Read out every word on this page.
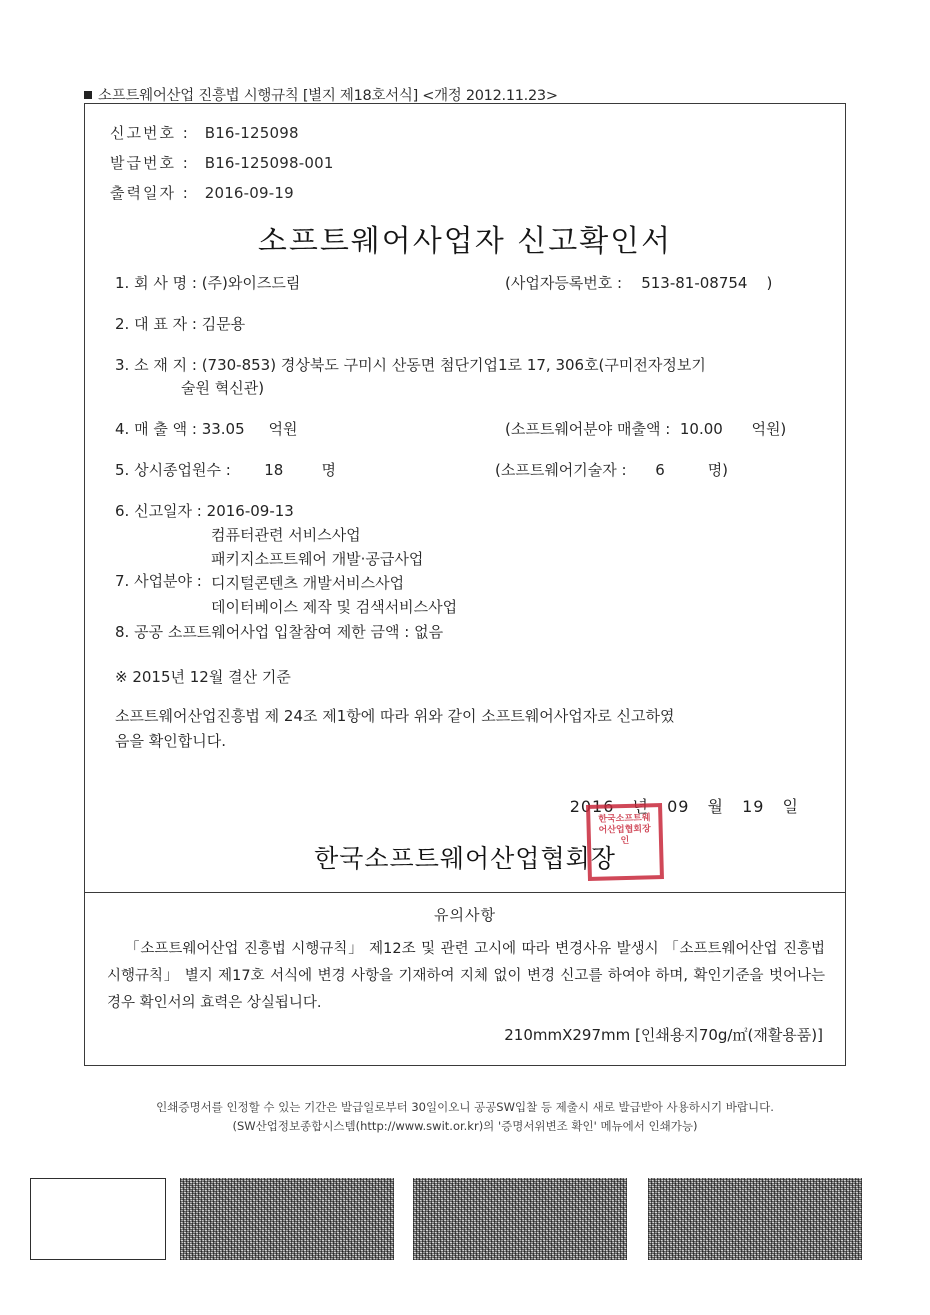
소프트웨어산업 진흥법 시행규칙 [별지 제18호서식] <개정 2012.11.23>
신고번호 : B16-125098
발급번호 : B16-125098-001
출력일자 : 2016-09-19
소프트웨어사업자 신고확인서
1. 회 사 명 : (주)와이즈드림	(사업자등록번호 : 513-81-08754 )
2. 대 표 자 : 김문용
3. 소 재 지 : (730-853) 경상북도 구미시 산동면 첨단기업1로 17, 306호(구미전자정보기
술원 혁신관)
4. 매 출 액 : 33.05 억원	(소프트웨어분야 매출액 : 10.00 억원)
5. 상시종업원수 : 18	명	(소프트웨어기술자 : 6	명)
6. 신고일자 : 2016-09-13
7. 사업분야 :
컴퓨터관련 서비스사업
패키지소프트웨어 개발·공급사업
디지털콘텐츠 개발서비스사업
데이터베이스 제작 및 검색서비스사업
8. 공공 소프트웨어사업 입찰참여 제한 금액 : 없음
※ 2015년 12월 결산 기준
소프트웨어산업진흥법 제 24조 제1항에 따라 위와 같이 소프트웨어사업자로 신고하였
음을 확인합니다.
2016 년 09 월 19 일
한국소프트웨어산업협회장
한국소프트웨어산업협회장인
유의사항
「소프트웨어산업 진흥법 시행규칙」 제12조 및 관련 고시에 따라 변경사유 발생시 「소프트웨어산업 진흥법 시행규칙」 별지 제17호 서식에 변경 사항을 기재하여 지체 없이 변경 신고를 하여야 하며, 확인기준을 벗어나는 경우 확인서의 효력은 상실됩니다.
210mmX297mm [인쇄용지70g/㎡(재활용품)]
인쇄증명서를 인정할 수 있는 기간은 발급일로부터 30일이오니 공공SW입찰 등 제출시 새로 발급받아 사용하시기 바랍니다.
(SW산업정보종합시스템(http://www.swit.or.kr)의 '증명서위변조 확인' 메뉴에서 인쇄가능)
